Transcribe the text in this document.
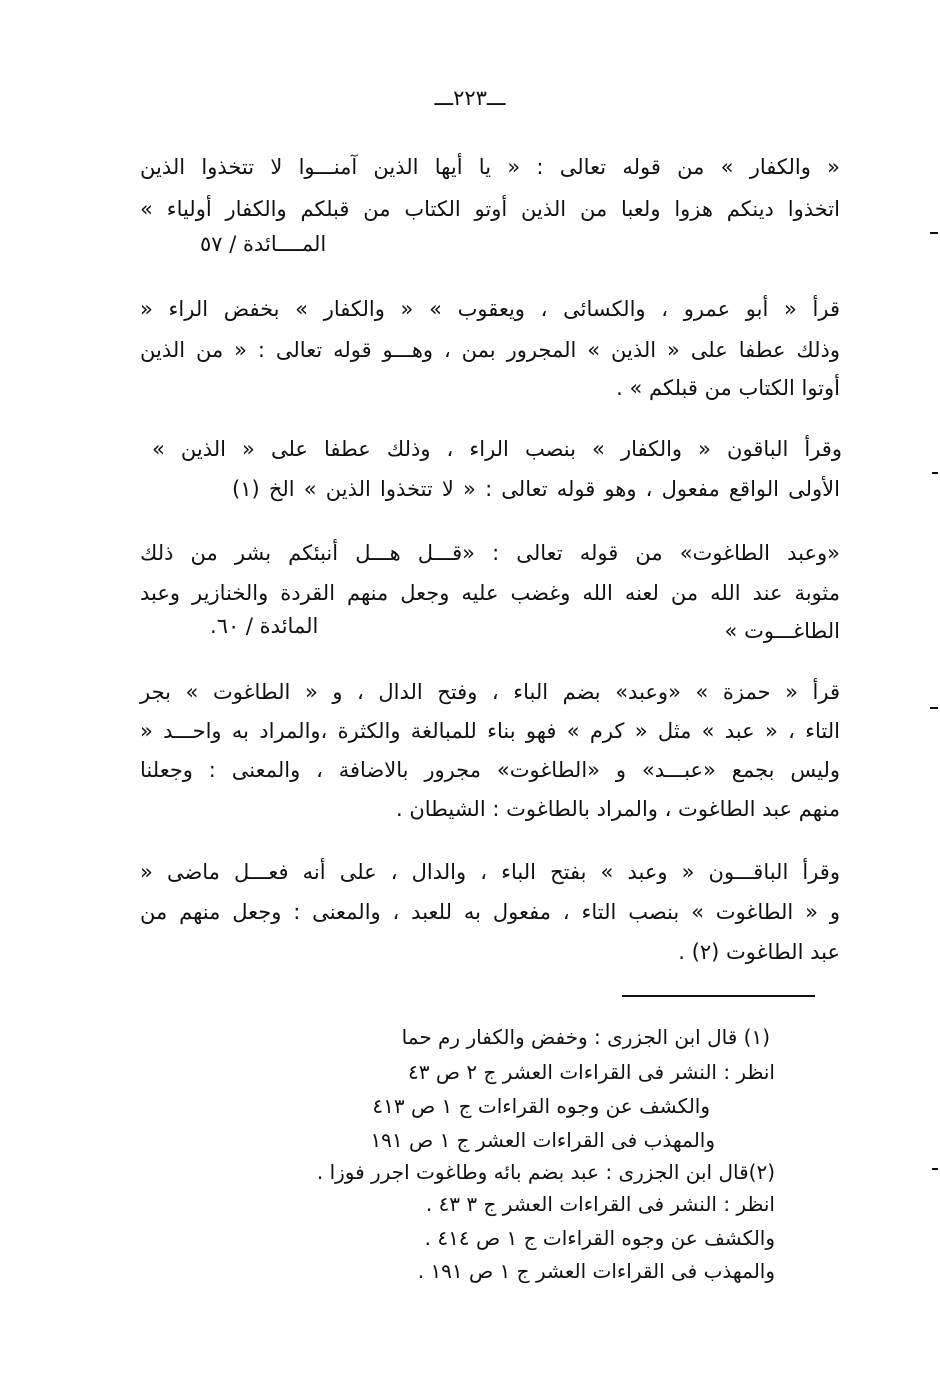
ـــ٢٢٣ـــ
« والكفار » من قوله تعالى : « يا أيها الذين آمنـــوا لا تتخذوا الذين
اتخذوا دينكم هزوا ولعبا من الذين أوتو الكتاب من قبلكم والكفار أولياء »
المــــائدة / ٥٧
قرأ « أبو عمرو ، والكسائى ، ويعقوب » « والكفار » بخفض الراء «
وذلك عطفا على « الذين » المجرور بمن ، وهـــو قوله تعالى : « من الذين
أوتوا الكتاب من قبلكم » .
وقرأ الباقون « والكفار » بنصب الراء ، وذلك عطفا على « الذين »
الأولى الواقع مفعول ، وهو قوله تعالى : « لا تتخذوا الذين » الخ (١)
«وعبد الطاغوت» من قوله تعالى : «قـــل هـــل أنبئكم بشر من ذلك
مثوبة عند الله من لعنه الله وغضب عليه وجعل منهم القردة والخنازير وعبد
الطاغـــوت »
المائدة / ٦٠.
قرأ « حمزة » «وعبد» بضم الباء ، وفتح الدال ، و « الطاغوت » بجر
التاء ، « عبد » مثل « كرم » فهو بناء للمبالغة والكثرة ،والمراد به واحـــد «
وليس بجمع «عبـــد» و «الطاغوت» مجرور بالاضافة ، والمعنى : وجعلنا
منهم عبد الطاغوت ، والمراد بالطاغوت : الشيطان .
وقرأ الباقـــون « وعبد » بفتح الباء ، والدال ، على أنه فعـــل ماضى «
و « الطاغوت » بنصب التاء ، مفعول به للعبد ، والمعنى : وجعل منهم من
عبد الطاغوت (٢) .
(١) قال ابن الجزرى : وخفض والكفار رم حما
انظر : النشر فى القراءات العشر ج ٢ ص ٤٣
والكشف عن وجوه القراءات ج ١ ص ٤١٣
والمهذب فى القراءات العشر ج ١ ص ١٩١
(٢)قال ابن الجزرى : عبد بضم بائه وطاغوت اجرر فوزا .
انظر : النشر فى القراءات العشر ج ٣ ٤٣ .
والكشف عن وجوه القراءات ج ١ ص ٤١٤ .
والمهذب فى القراءات العشر ج ١ ص ١٩١ .
